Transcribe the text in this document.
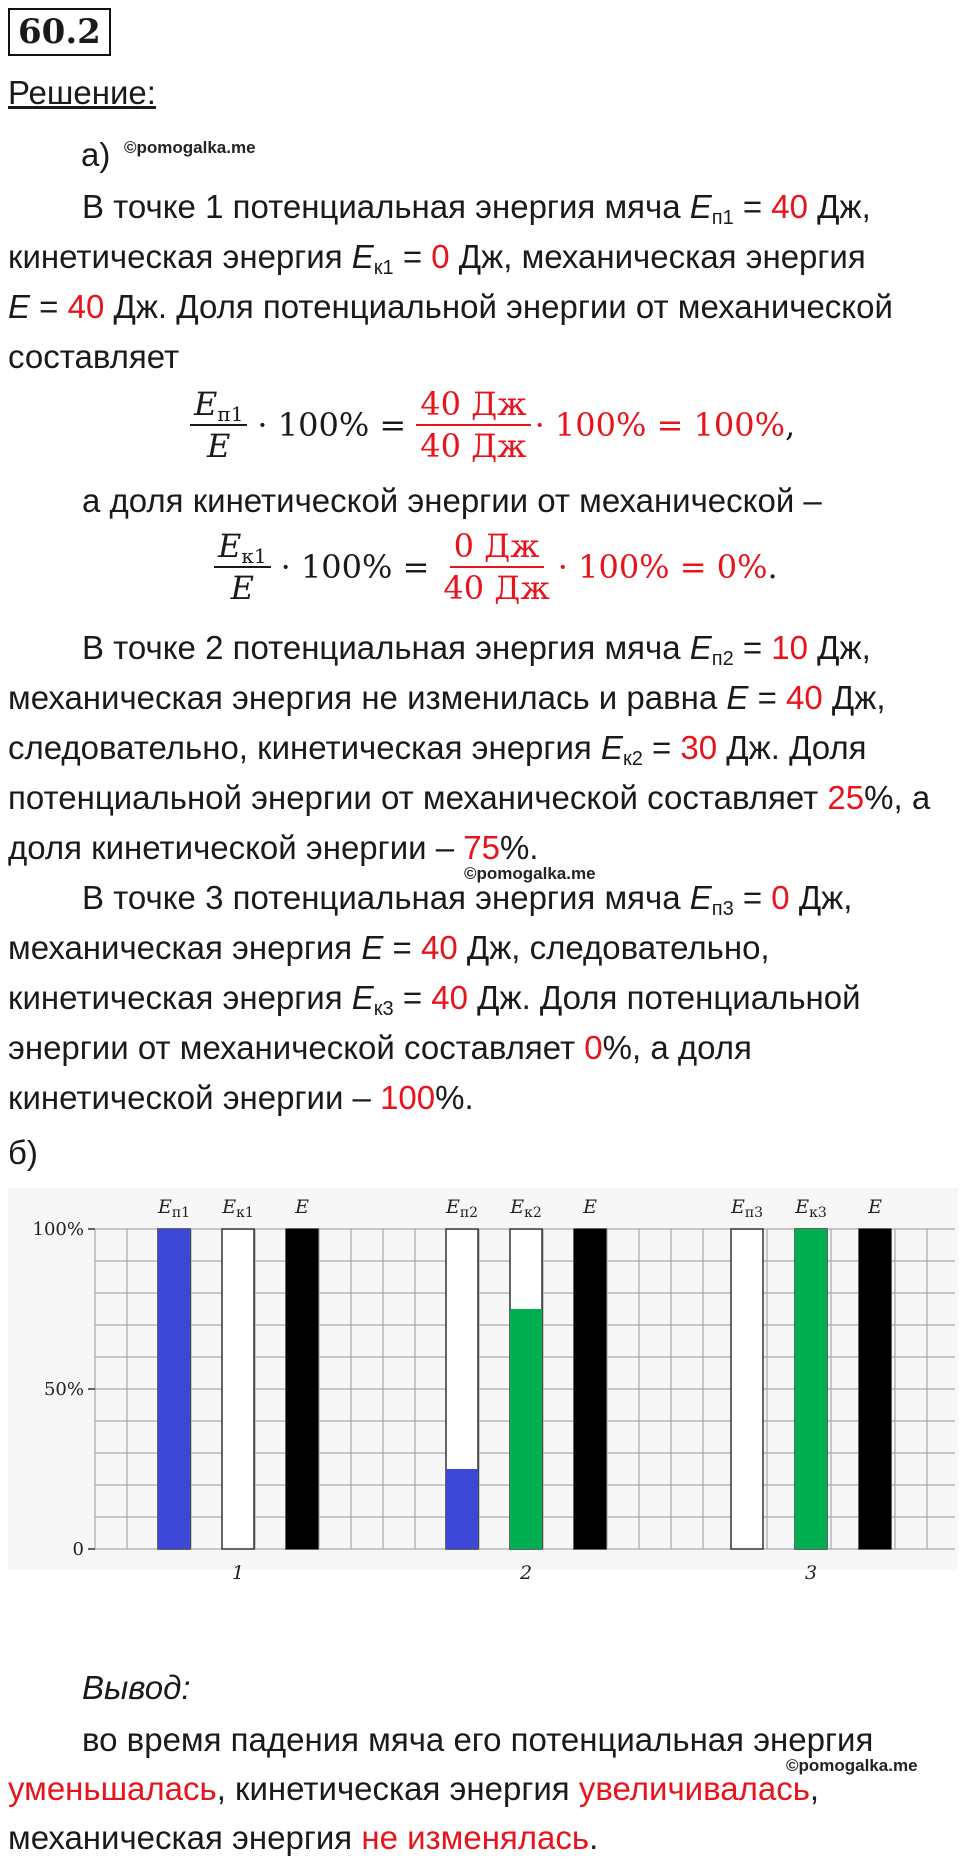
60.2
Решение:
а) ©pomogalka.me
В точке 1 потенциальная энергия мяча $E_{п1} = 40$ Дж,
кинетическая энергия $E_{к1} = 0$ Дж, механическая энергия
E = 40 Дж. Доля потенциальной энергии от механической
составляет
$\frac{E_{п1}}{E} \cdot 100\% = \frac{40 Дж}{40 Дж} \cdot 100\% = 100\%$ ,
а доля кинетической энергии от механической –
$\frac{E_{к1}}{E} \cdot 100\% = \frac{0 Дж}{40 Дж} \cdot 100\% = 0\%$ .
В точке 2 потенциальная энергия мяча $E_{п2} = 10$ Дж,
механическая энергия не изменилась и равна E = 40 Дж,
следовательно, кинетическая энергия $E_{к2} = 30$ Дж. Доля
потенциальной энергии от механической составляет 25%, а
доля кинетической энергии – 75%.
©pomogalka.me
В точке 3 потенциальная энергия мяча $E_{п3} = 0$ Дж,
механическая энергия E = 40 Дж, следовательно,
кинетическая энергия $E_{к3} = 40$ Дж. Доля потенциальной
энергии от механической составляет 0%, а доля
кинетической энергии – 100%.
б)
100%
50%
0
$E_{п1}$ $E_{к1}$ E	$E_{п2}$ $E_{к2}$ E	$E_{п3}$ $E_{к3}$ E
1	2	3
Вывод:
во время падения мяча его потенциальная энергия
©pomogalka.me
уменьшалась, кинетическая энергия увеличивалась,
механическая энергия не изменялась.
